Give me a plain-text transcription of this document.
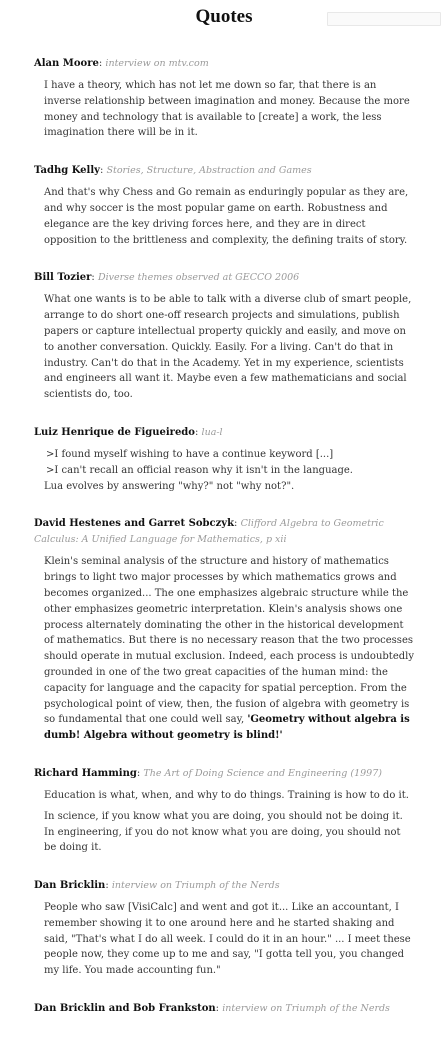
Quotes
Alan Moore: interview on mtv.com

I have a theory, which has not let me down so far, that there is an inverse relationship between imagination and money. Because the more money and technology that is available to [create] a work, the less imagination there will be in it.

Tadhg Kelly: Stories, Structure, Abstraction and Games

And that's why Chess and Go remain as enduringly popular as they are, and why soccer is the most popular game on earth. Robustness and elegance are the key driving forces here, and they are in direct opposition to the brittleness and complexity, the defining traits of story.

Bill Tozier: Diverse themes observed at GECCO 2006

What one wants is to be able to talk with a diverse club of smart people, arrange to do short one-off research projects and simulations, publish papers or capture intellectual property quickly and easily, and move on to another conversation. Quickly. Easily. For a living. Can't do that in industry. Can't do that in the Academy. Yet in my experience, scientists and engineers all want it. Maybe even a few mathematicians and social scientists do, too.

Luiz Henrique de Figueiredo: lua-l
>I found myself wishing to have a continue keyword [...]
>I can't recall an official reason why it isn't in the language.
Lua evolves by answering "why?" not "why not?".
David Hestenes and Garret Sobczyk: Clifford Algebra to Geometric Calculus: A Unified Language for Mathematics, p xii

Klein's seminal analysis of the structure and history of mathematics brings to light two major processes by which mathematics grows and becomes organized... The one emphasizes algebraic structure while the other emphasizes geometric interpretation. Klein's analysis shows one process alternately dominating the other in the historical development of mathematics. But there is no necessary reason that the two processes should operate in mutual exclusion. Indeed, each process is undoubtedly grounded in one of the two great capacities of the human mind: the capacity for language and the capacity for spatial perception. From the psychological point of view, then, the fusion of algebra with geometry is so fundamental that one could well say, 'Geometry without algebra is dumb! Algebra without geometry is blind!'

Richard Hamming: The Art of Doing Science and Engineering (1997)

Education is what, when, and why to do things. Training is how to do it.

In science, if you know what you are doing, you should not be doing it. In engineering, if you do not know what you are doing, you should not be doing it.

Dan Bricklin: interview on Triumph of the Nerds

People who saw [VisiCalc] and went and got it... Like an accountant, I remember showing it to one around here and he started shaking and said, "That's what I do all week. I could do it in an hour." ... I meet these people now, they come up to me and say, "I gotta tell you, you changed my life. You made accounting fun."

Dan Bricklin and Bob Frankston: interview on Triumph of the Nerds
